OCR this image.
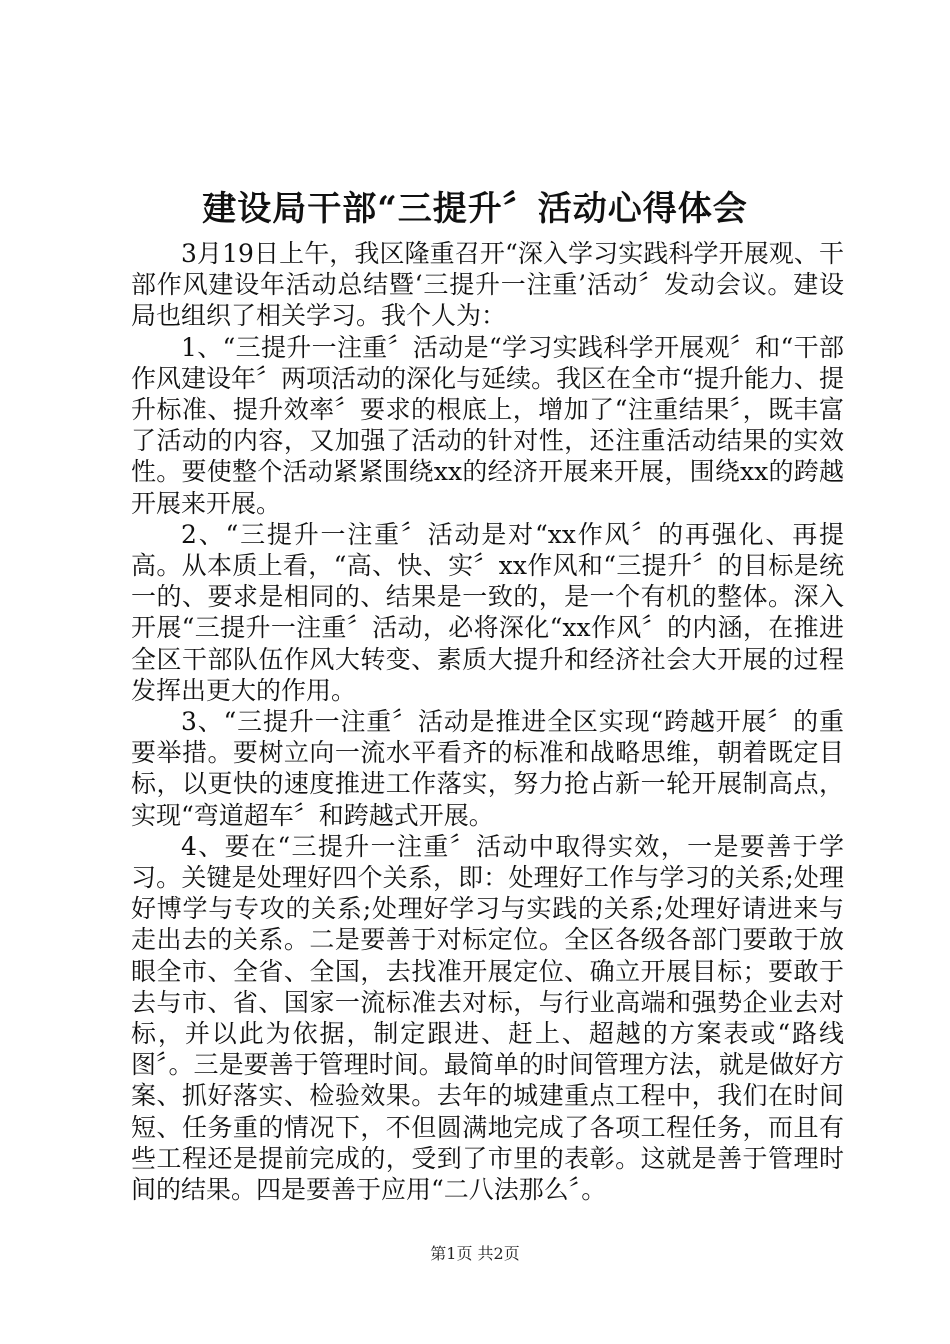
建设局干部“三提升〞活动心得体会

3月19日上午，我区隆重召开“深入学习实践科学开展观、干部作风建设年活动总结暨‘三提升一注重’活动〞发动会议。建设局也组织了相关学习。我个人为：

1、“三提升一注重〞活动是“学习实践科学开展观〞和“干部作风建设年〞两项活动的深化与延续。我区在全市“提升能力、提升标准、提升效率〞要求的根底上，增加了“注重结果〞，既丰富了活动的内容，又加强了活动的针对性，还注重活动结果的实效性。要使整个活动紧紧围绕xx的经济开展来开展，围绕xx的跨越开展来开展。

2、“三提升一注重〞活动是对“xx作风〞的再强化、再提高。从本质上看，“高、快、实〞xx作风和“三提升〞的目标是统一的、要求是相同的、结果是一致的，是一个有机的整体。深入开展“三提升一注重〞活动，必将深化“xx作风〞的内涵，在推进全区干部队伍作风大转变、素质大提升和经济社会大开展的过程发挥出更大的作用。

3、“三提升一注重〞活动是推进全区实现“跨越开展〞的重要举措。要树立向一流水平看齐的标准和战略思维，朝着既定目标，以更快的速度推进工作落实，努力抢占新一轮开展制高点，实现“弯道超车〞和跨越式开展。

4、要在“三提升一注重〞活动中取得实效，一是要善于学习。关键是处理好四个关系，即：处理好工作与学习的关系;处理好博学与专攻的关系;处理好学习与实践的关系;处理好请进来与走出去的关系。二是要善于对标定位。全区各级各部门要敢于放眼全市、全省、全国，去找准开展定位、确立开展目标；要敢于去与市、省、国家一流标准去对标，与行业高端和强势企业去对标，并以此为依据，制定跟进、赶上、超越的方案表或“路线图〞。三是要善于管理时间。最简单的时间管理方法，就是做好方案、抓好落实、检验效果。去年的城建重点工程中，我们在时间短、任务重的情况下，不但圆满地完成了各项工程任务，而且有些工程还是提前完成的，受到了市里的表彰。这就是善于管理时间的结果。四是要善于应用“二八法那么〞。

第1页 共2页
